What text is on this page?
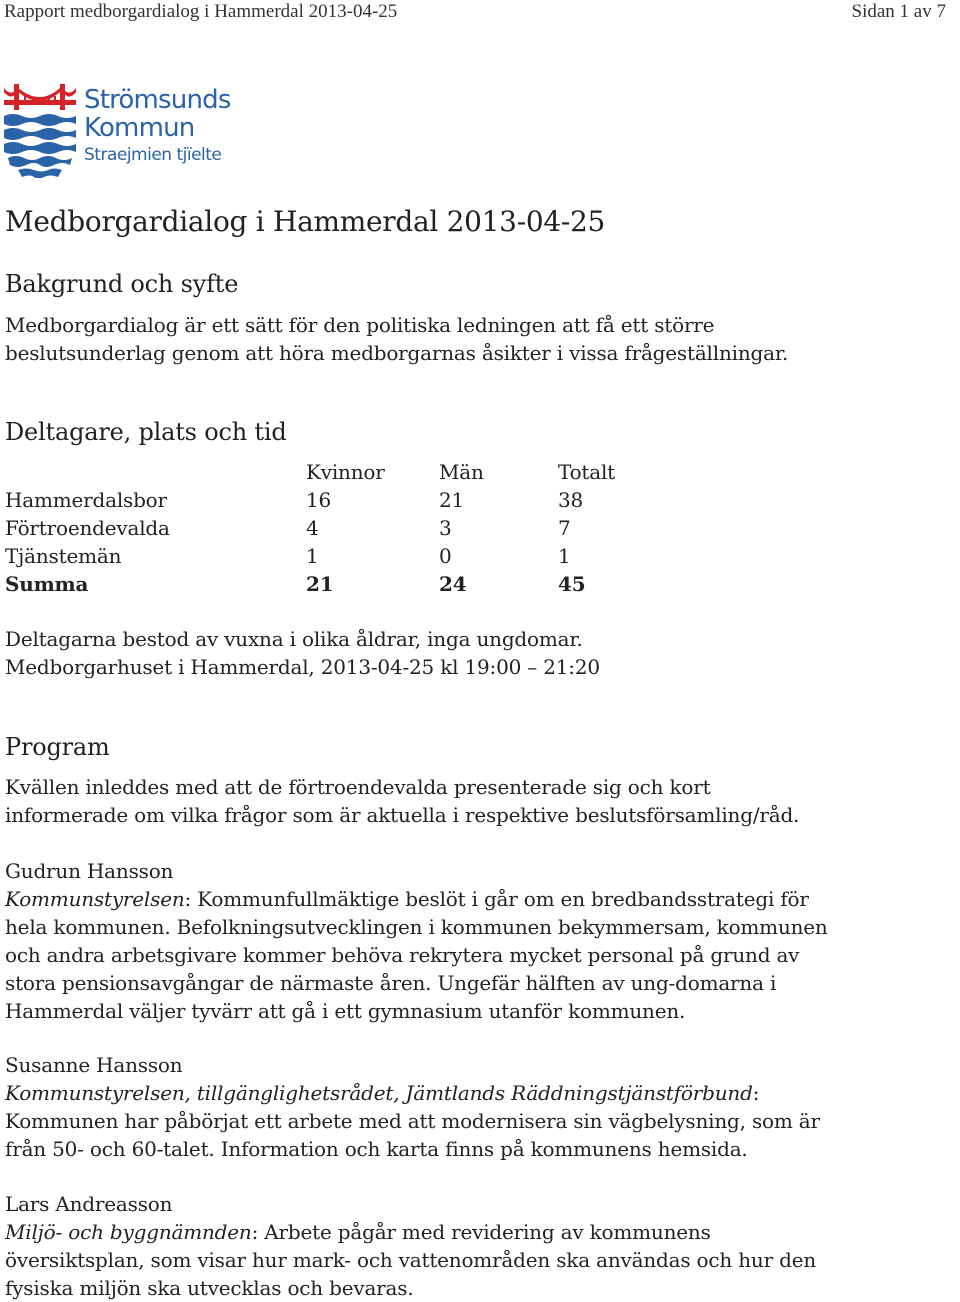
Rapport medborgardialog i Hammerdal 2013-04-25	Sidan 1 av 7
Strömsunds
Kommun
Straejmien tjïelte
Medborgardialog i Hammerdal 2013-04-25
Bakgrund och syfte
Medborgardialog är ett sätt för den politiska ledningen att få ett större beslutsunderlag genom att höra medborgarnas åsikter i vissa frågeställningar.
Deltagare, plats och tid
	Kvinnor	Män	Totalt
Hammerdalsbor	16	21	38
Förtroendevalda	4	3	7
Tjänstemän	1	0	1
Summa	21	24	45
Deltagarna bestod av vuxna i olika åldrar, inga ungdomar.
Medborgarhuset i Hammerdal, 2013-04-25 kl 19:00 – 21:20
Program
Kvällen inleddes med att de förtroendevalda presenterade sig och kort informerade om vilka frågor som är aktuella i respektive beslutsförsamling/råd.

Gudrun Hansson

Kommunstyrelsen: Kommunfullmäktige beslöt i går om en bredbandsstrategi för hela kommunen. Befolkningsutvecklingen i kommunen bekymmersam, kommunen och andra arbetsgivare kommer behöva rekrytera mycket personal på grund av stora pensionsavgångar de närmaste åren. Ungefär hälften av ung-domarna i Hammerdal väljer tyvärr att gå i ett gymnasium utanför kommunen.

Susanne Hansson

Kommunstyrelsen, tillgänglighetsrådet, Jämtlands Räddningstjänstförbund: Kommunen har påbörjat ett arbete med att modernisera sin vägbelysning, som är från 50- och 60-talet. Information och karta finns på kommunens hemsida.

Lars Andreasson

Miljö- och byggnämnden: Arbete pågår med revidering av kommunens översiktsplan, som visar hur mark- och vattenområden ska användas och hur den fysiska miljön ska utvecklas och bevaras.
